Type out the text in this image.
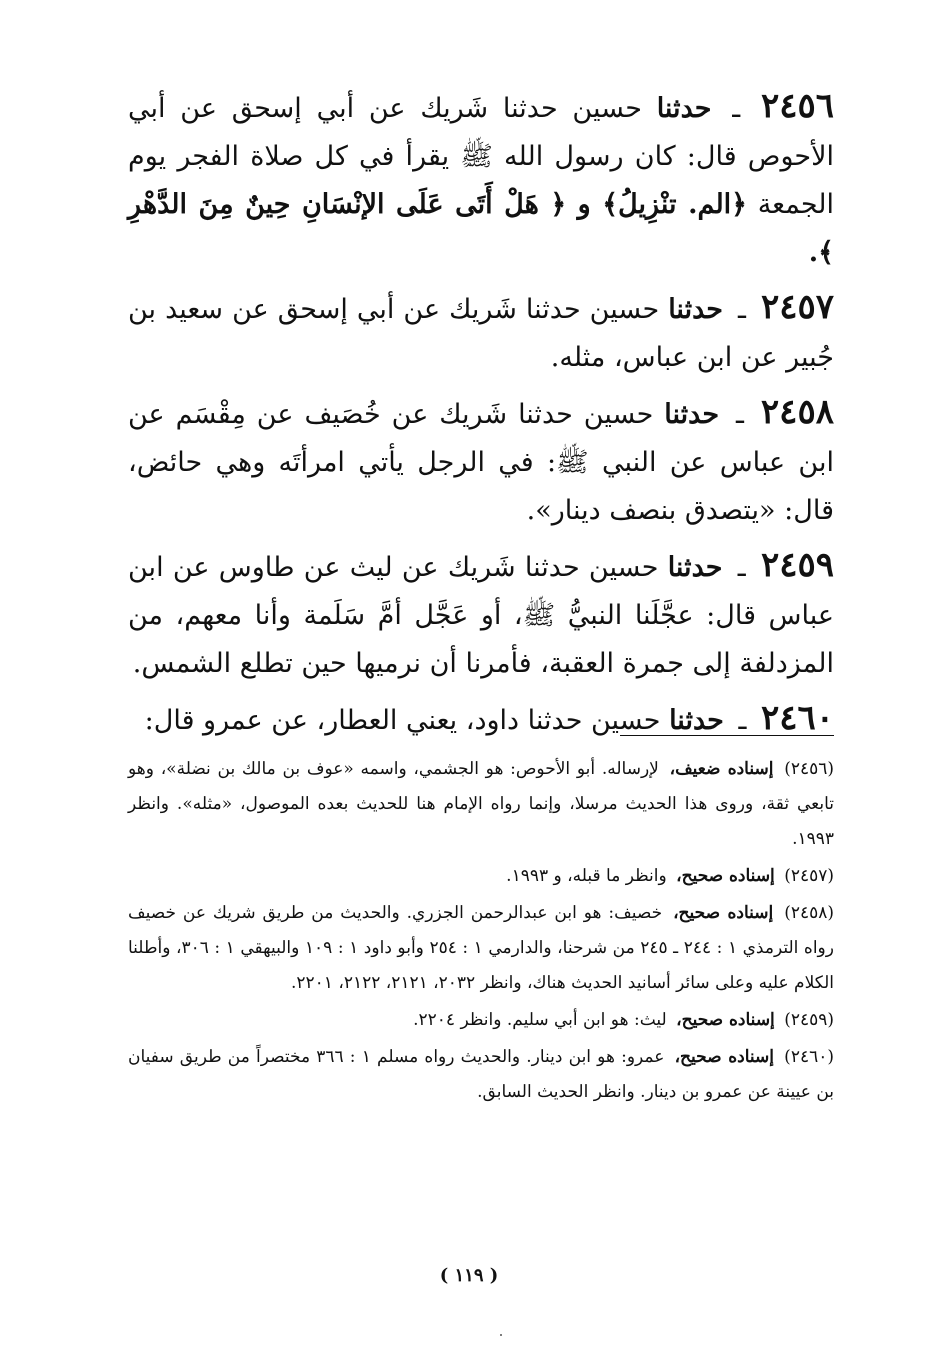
٢٤٥٦ ـ حدثنا حسين حدثنا شَريك عن أبي إسحق عن أبي الأحوص قال: كان رسول الله ﷺ يقرأ في كل صلاة الفجر يوم الجمعة ﴿الم. تنْزِيلُ﴾ و ﴿ هَلْ أَتَى عَلَى الإنْسَانِ حِينٌ مِنَ الدَّهْرِ ﴾.

٢٤٥٧ ـ حدثنا حسين حدثنا شَريك عن أبي إسحق عن سعيد بن جُبير عن ابن عباس، مثله.

٢٤٥٨ ـ حدثنا حسين حدثنا شَريك عن خُصَيف عن مِقْسَم عن ابن عباس عن النبي ﷺ: في الرجل يأتي امرأتَه وهي حائض، قال: «يتصدق بنصف دينار».

٢٤٥٩ ـ حدثنا حسين حدثنا شَريك عن ليث عن طاوس عن ابن عباس قال: عجَّلَنا النبيُّ ﷺ، أو عَجَّل أمَّ سَلَمة وأنا معهم، من المزدلفة إلى جمرة العقبة، فأمرنا أن نرميها حين تطلع الشمس.

٢٤٦٠ ـ حدثنا حسين حدثنا داود، يعني العطار، عن عمرو قال:

(٢٤٥٦) إسناده ضعيف، لإرساله. أبو الأحوص: هو الجشمي، واسمه «عوف بن مالك بن نضلة»، وهو تابعي ثقة، وروى هذا الحديث مرسلا، وإنما رواه الإمام هنا للحديث بعده الموصول، «مثله». وانظر ١٩٩٣.

(٢٤٥٧) إسناده صحيح، وانظر ما قبله، و ١٩٩٣.

(٢٤٥٨) إسناده صحيح، خصيف: هو ابن عبدالرحمن الجزري. والحديث من طريق شريك عن خصيف رواه الترمذي ١ : ٢٤٤ ـ ٢٤٥ من شرحنا، والدارمي ١ : ٢٥٤ وأبو داود ١ : ١٠٩ والبيهقي ١ : ٣٠٦، وأطلنا الكلام عليه وعلى سائر أسانيد الحديث هناك، وانظر ٢٠٣٢، ٢١٢١، ٢١٢٢، ٢٢٠١.

(٢٤٥٩) إسناده صحيح، ليث: هو ابن أبي سليم. وانظر ٢٢٠٤.

(٢٤٦٠) إسناده صحيح، عمرو: هو ابن دينار. والحديث رواه مسلم ١ : ٣٦٦ مختصراً من طريق سفيان بن عيينة عن عمرو بن دينار. وانظر الحديث السابق.

( ١١٩ )
